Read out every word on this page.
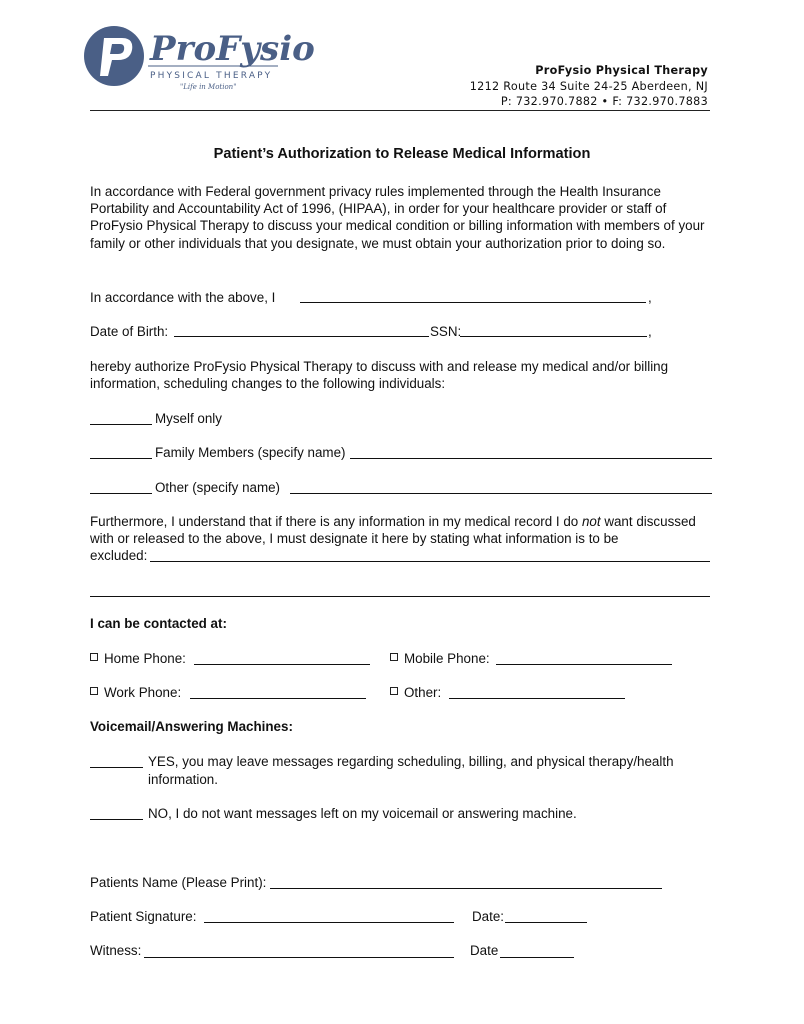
ProFysio
PHYSICAL THERAPY
"Life in Motion"
ProFysio Physical Therapy
1212 Route 34 Suite 24-25 Aberdeen, NJ
P: 732.970.7882 • F: 732.970.7883
Patient’s Authorization to Release Medical Information
In accordance with Federal government privacy rules implemented through the Health Insurance Portability and Accountability Act of 1996, (HIPAA), in order for your healthcare provider or staff of ProFysio Physical Therapy to discuss your medical condition or billing information with members of your family or other individuals that you designate, we must obtain your authorization prior to doing so.
In accordance with the above, I	,
Date of Birth:	SSN:	,
hereby authorize ProFysio Physical Therapy to discuss with and release my medical and/or billing information, scheduling changes to the following individuals:
Myself only
Family Members (specify name)
Other (specify name)
Furthermore, I understand that if there is any information in my medical record I do not want discussed with or released to the above, I must designate it here by stating what information is to be
excluded:
I can be contacted at:
Home Phone:	Mobile Phone:
Work Phone:	Other:
Voicemail/Answering Machines:
YES, you may leave messages regarding scheduling, billing, and physical therapy/health
information.
NO, I do not want messages left on my voicemail or answering machine.
Patients Name (Please Print):
Patient Signature:	Date:
Witness:	Date
